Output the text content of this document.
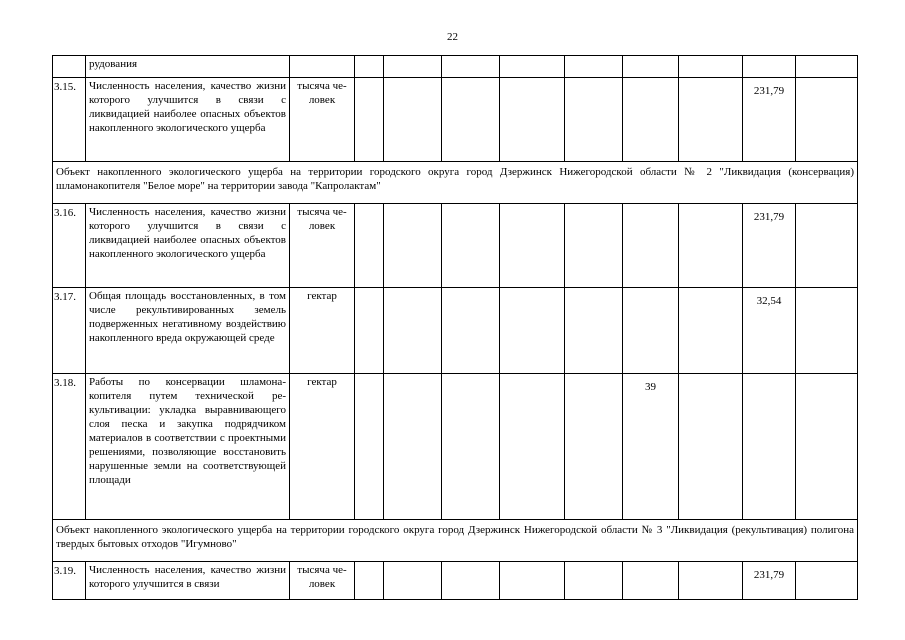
22
	рудования										
3.15.	Численность населения, качество жизни которого улучшится в связи с ликвидацией наиболее опасных объектов накопленного экологического ущерба	тысяча человек								231,79	
Объект накопленного экологического ущерба на территории городского округа город Дзержинск Нижегородской области № 2 "Ликвидация (консервация) шламонакопителя "Белое море" на территории завода "Капролактам"											
3.16.	Численность населения, качество жизни которого улучшится в связи с ликвидацией наиболее опасных объектов накопленного экологического ущерба	тысяча человек								231,79	
3.17.	Общая площадь восстановленных, в том числе рекультивированных земель подверженных негативному воздействию накопленного вреда окружающей среде	гектар								32,54	
3.18.	Работы по консервации шламонакопителя путем технической рекультивации: укладка выравнивающего слоя песка и закупка подрядчиком материалов в соответствии с проектными решениями, позволяющие восстановить нарушенные земли на соответствующей площади	гектар						39			
Объект накопленного экологического ущерба на территории городского округа город Дзержинск Нижегородской области № 3 "Ликвидация (рекультивация) полигона твердых бытовых отходов "Игумново"											
3.19.	Численность населения, качество жизни которого улучшится в связи	тысяча человек								231,79	
